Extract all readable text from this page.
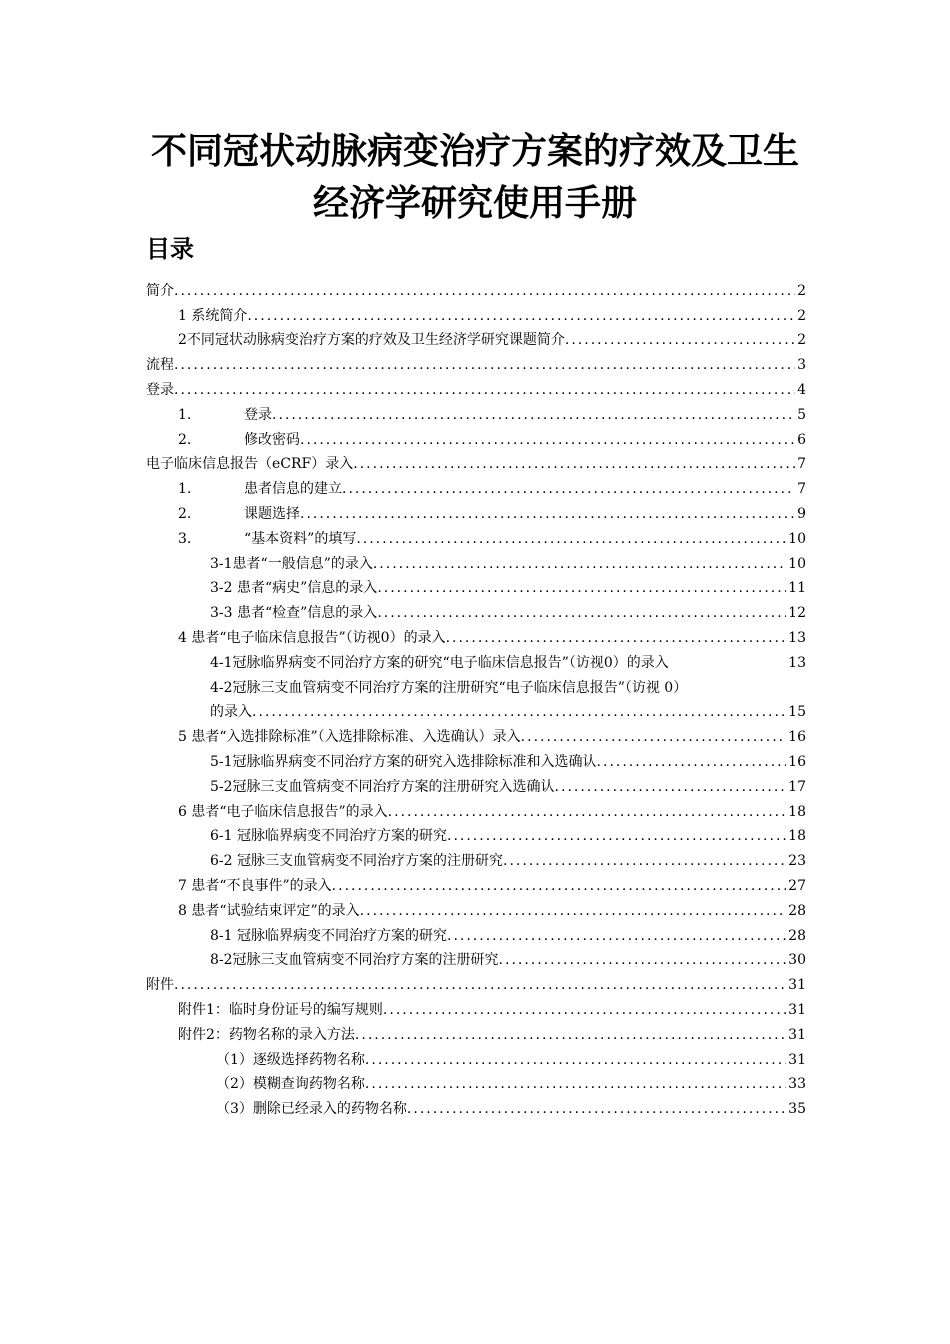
不同冠状动脉病变治疗方案的疗效及卫生
经济学研究使用手册
目录
简介 .....	2
1 系统简介 .....	2
2不同冠状动脉病变治疗方案的疗效及卫生经济学研究课题简介 .....	2
流程 .....	3
登录 .....	4
1.	登录 .....	5
2.	修改密码 .....	6
电子临床信息报告（eCRF）录入 .....	7
1.	患者信息的建立 .....	7
2.	课题选择 .....	9
3.	“基本资料”的填写 .....	10
3-1患者“一般信息”的录入 .....	10
3-2 患者“病史”信息的录入 .....	11
3-3 患者“检查”信息的录入 .....	12
4 患者“电子临床信息报告”（访视0）的录入 .....	13
4-1冠脉临界病变不同治疗方案的研究“电子临床信息报告”（访视0）的录入	13
4-2冠脉三支血管病变不同治疗方案的注册研究“电子临床信息报告”（访视 0）
的录入 .....	15
5 患者“入选排除标准”（入选排除标准、入选确认）录入 .....	16
5-1冠脉临界病变不同治疗方案的研究入选排除标准和入选确认 .....	16
5-2冠脉三支血管病变不同治疗方案的注册研究入选确认 .....	17
6 患者“电子临床信息报告”的录入 .....	18
6-1 冠脉临界病变不同治疗方案的研究 .....	18
6-2 冠脉三支血管病变不同治疗方案的注册研究 .....	23
7 患者“不良事件”的录入 .....	27
8 患者“试验结束评定”的录入 .....	28
8-1 冠脉临界病变不同治疗方案的研究 .....	28
8-2冠脉三支血管病变不同治疗方案的注册研究 .....	30
附件 .....	31
附件1：临时身份证号的编写规则 .....	31
附件2：药物名称的录入方法 .....	31
（1）逐级选择药物名称 .....	31
（2）模糊查询药物名称 .....	33
（3）删除已经录入的药物名称 .....	35
